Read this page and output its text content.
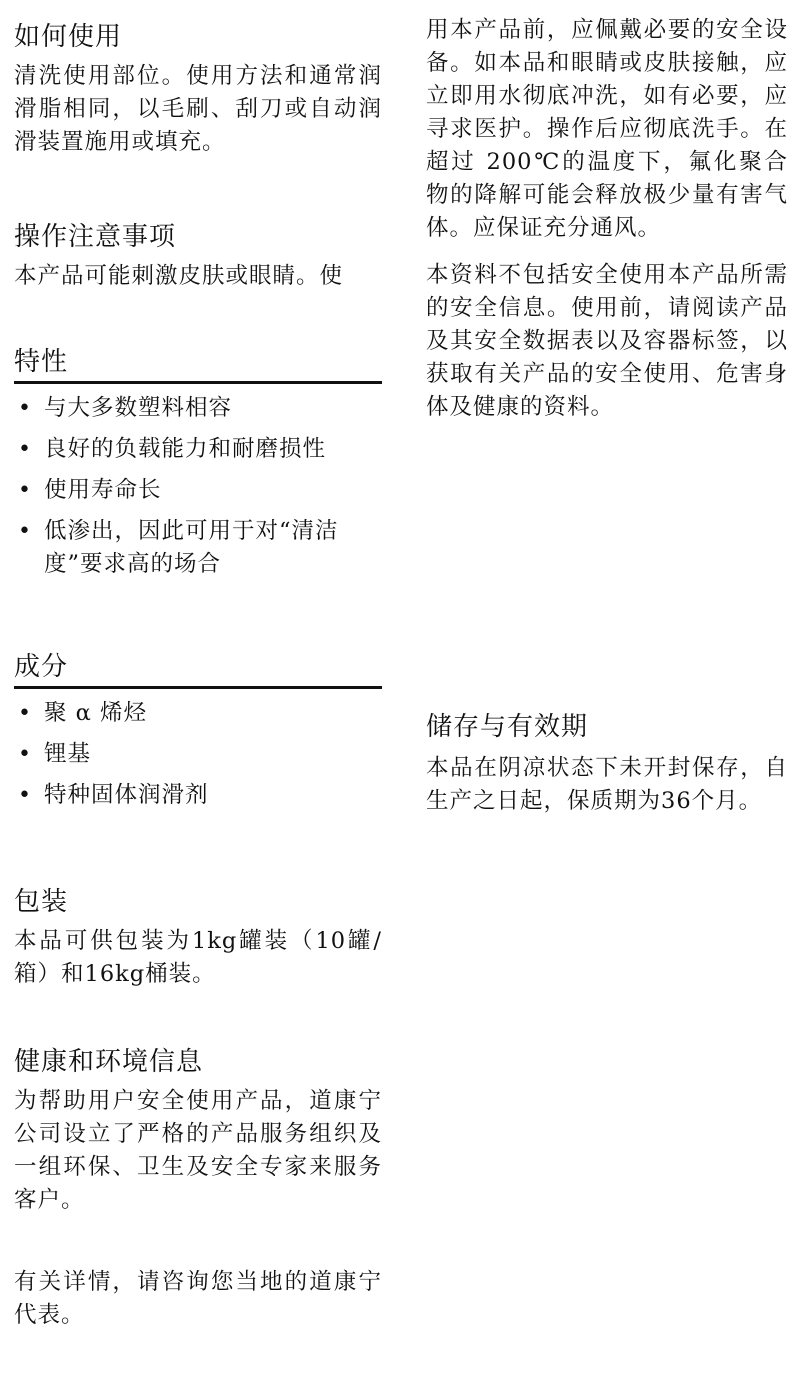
如何使用

清洗使用部位。使用方法和通常润滑脂相同，以毛刷、刮刀或自动润滑装置施用或填充。

操作注意事项

本产品可能刺激皮肤或眼睛。使

特性
• 与大多数塑料相容
• 良好的负载能力和耐磨损性
• 使用寿命长
• 低渗出，因此可用于对“清洁度”要求高的场合
成分
• 聚 α 烯烃
• 锂基
• 特种固体润滑剂
包装

本品可供包装为1kg罐装（10罐/箱）和16kg桶装。

健康和环境信息

为帮助用户安全使用产品，道康宁公司设立了严格的产品服务组织及一组环保、卫生及安全专家来服务客户。

有关详情，请咨询您当地的道康宁代表。

用本产品前，应佩戴必要的安全设备。如本品和眼睛或皮肤接触，应立即用水彻底冲洗，如有必要，应寻求医护。操作后应彻底洗手。在超过 200℃的温度下，氟化聚合物的降解可能会释放极少量有害气体。应保证充分通风。

本资料不包括安全使用本产品所需的安全信息。使用前，请阅读产品及其安全数据表以及容器标签，以获取有关产品的安全使用、危害身体及健康的资料。

储存与有效期

本品在阴凉状态下未开封保存，自生产之日起，保质期为36个月。
